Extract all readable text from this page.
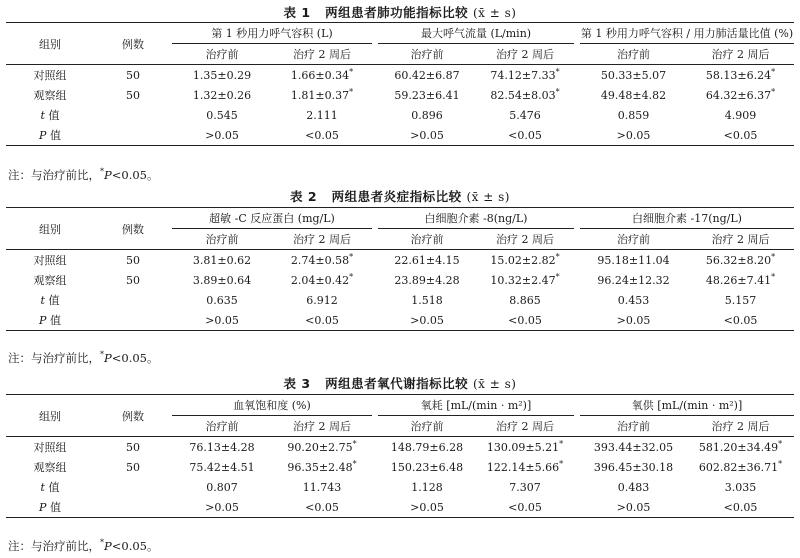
表 1 两组患者肺功能指标比较 (x̄ ± s)
组别	例数	第 1 秒用力呼气容积 (L)			最大呼气流量 (L/min)			第 1 秒用力呼气容积 / 用力肺活量比值 (%)	
		治疗前	治疗 2 周后		治疗前	治疗 2 周后		治疗前	治疗 2 周后
对照组	50	1.35±0.29	1.66±0.34*		60.42±6.87	74.12±7.33*		50.33±5.07	58.13±6.24*
观察组	50	1.32±0.26	1.81±0.37*		59.23±6.41	82.54±8.03*		49.48±4.82	64.32±6.37*
t 值		0.545	2.111		0.896	5.476		0.859	4.909
P 值		>0.05	<0.05		>0.05	<0.05		>0.05	<0.05
注：与治疗前比，*P<0.05。
表 2 两组患者炎症指标比较 (x̄ ± s)
组别	例数	超敏 -C 反应蛋白 (mg/L)			白细胞介素 -8(ng/L)			白细胞介素 -17(ng/L)	
		治疗前	治疗 2 周后		治疗前	治疗 2 周后		治疗前	治疗 2 周后
对照组	50	3.81±0.62	2.74±0.58*		22.61±4.15	15.02±2.82*		95.18±11.04	56.32±8.20*
观察组	50	3.89±0.64	2.04±0.42*		23.89±4.28	10.32±2.47*		96.24±12.32	48.26±7.41*
t 值		0.635	6.912		1.518	8.865		0.453	5.157
P 值		>0.05	<0.05		>0.05	<0.05		>0.05	<0.05
注：与治疗前比，*P<0.05。
表 3 两组患者氧代谢指标比较 (x̄ ± s)
组别	例数	血氧饱和度 (%)			氧耗 [mL/(min · m²)]			氧供 [mL/(min · m²)]	
		治疗前	治疗 2 周后		治疗前	治疗 2 周后		治疗前	治疗 2 周后
对照组	50	76.13±4.28	90.20±2.75*		148.79±6.28	130.09±5.21*		393.44±32.05	581.20±34.49*
观察组	50	75.42±4.51	96.35±2.48*		150.23±6.48	122.14±5.66*		396.45±30.18	602.82±36.71*
t 值		0.807	11.743		1.128	7.307		0.483	3.035
P 值		>0.05	<0.05		>0.05	<0.05		>0.05	<0.05
注：与治疗前比，*P<0.05。
